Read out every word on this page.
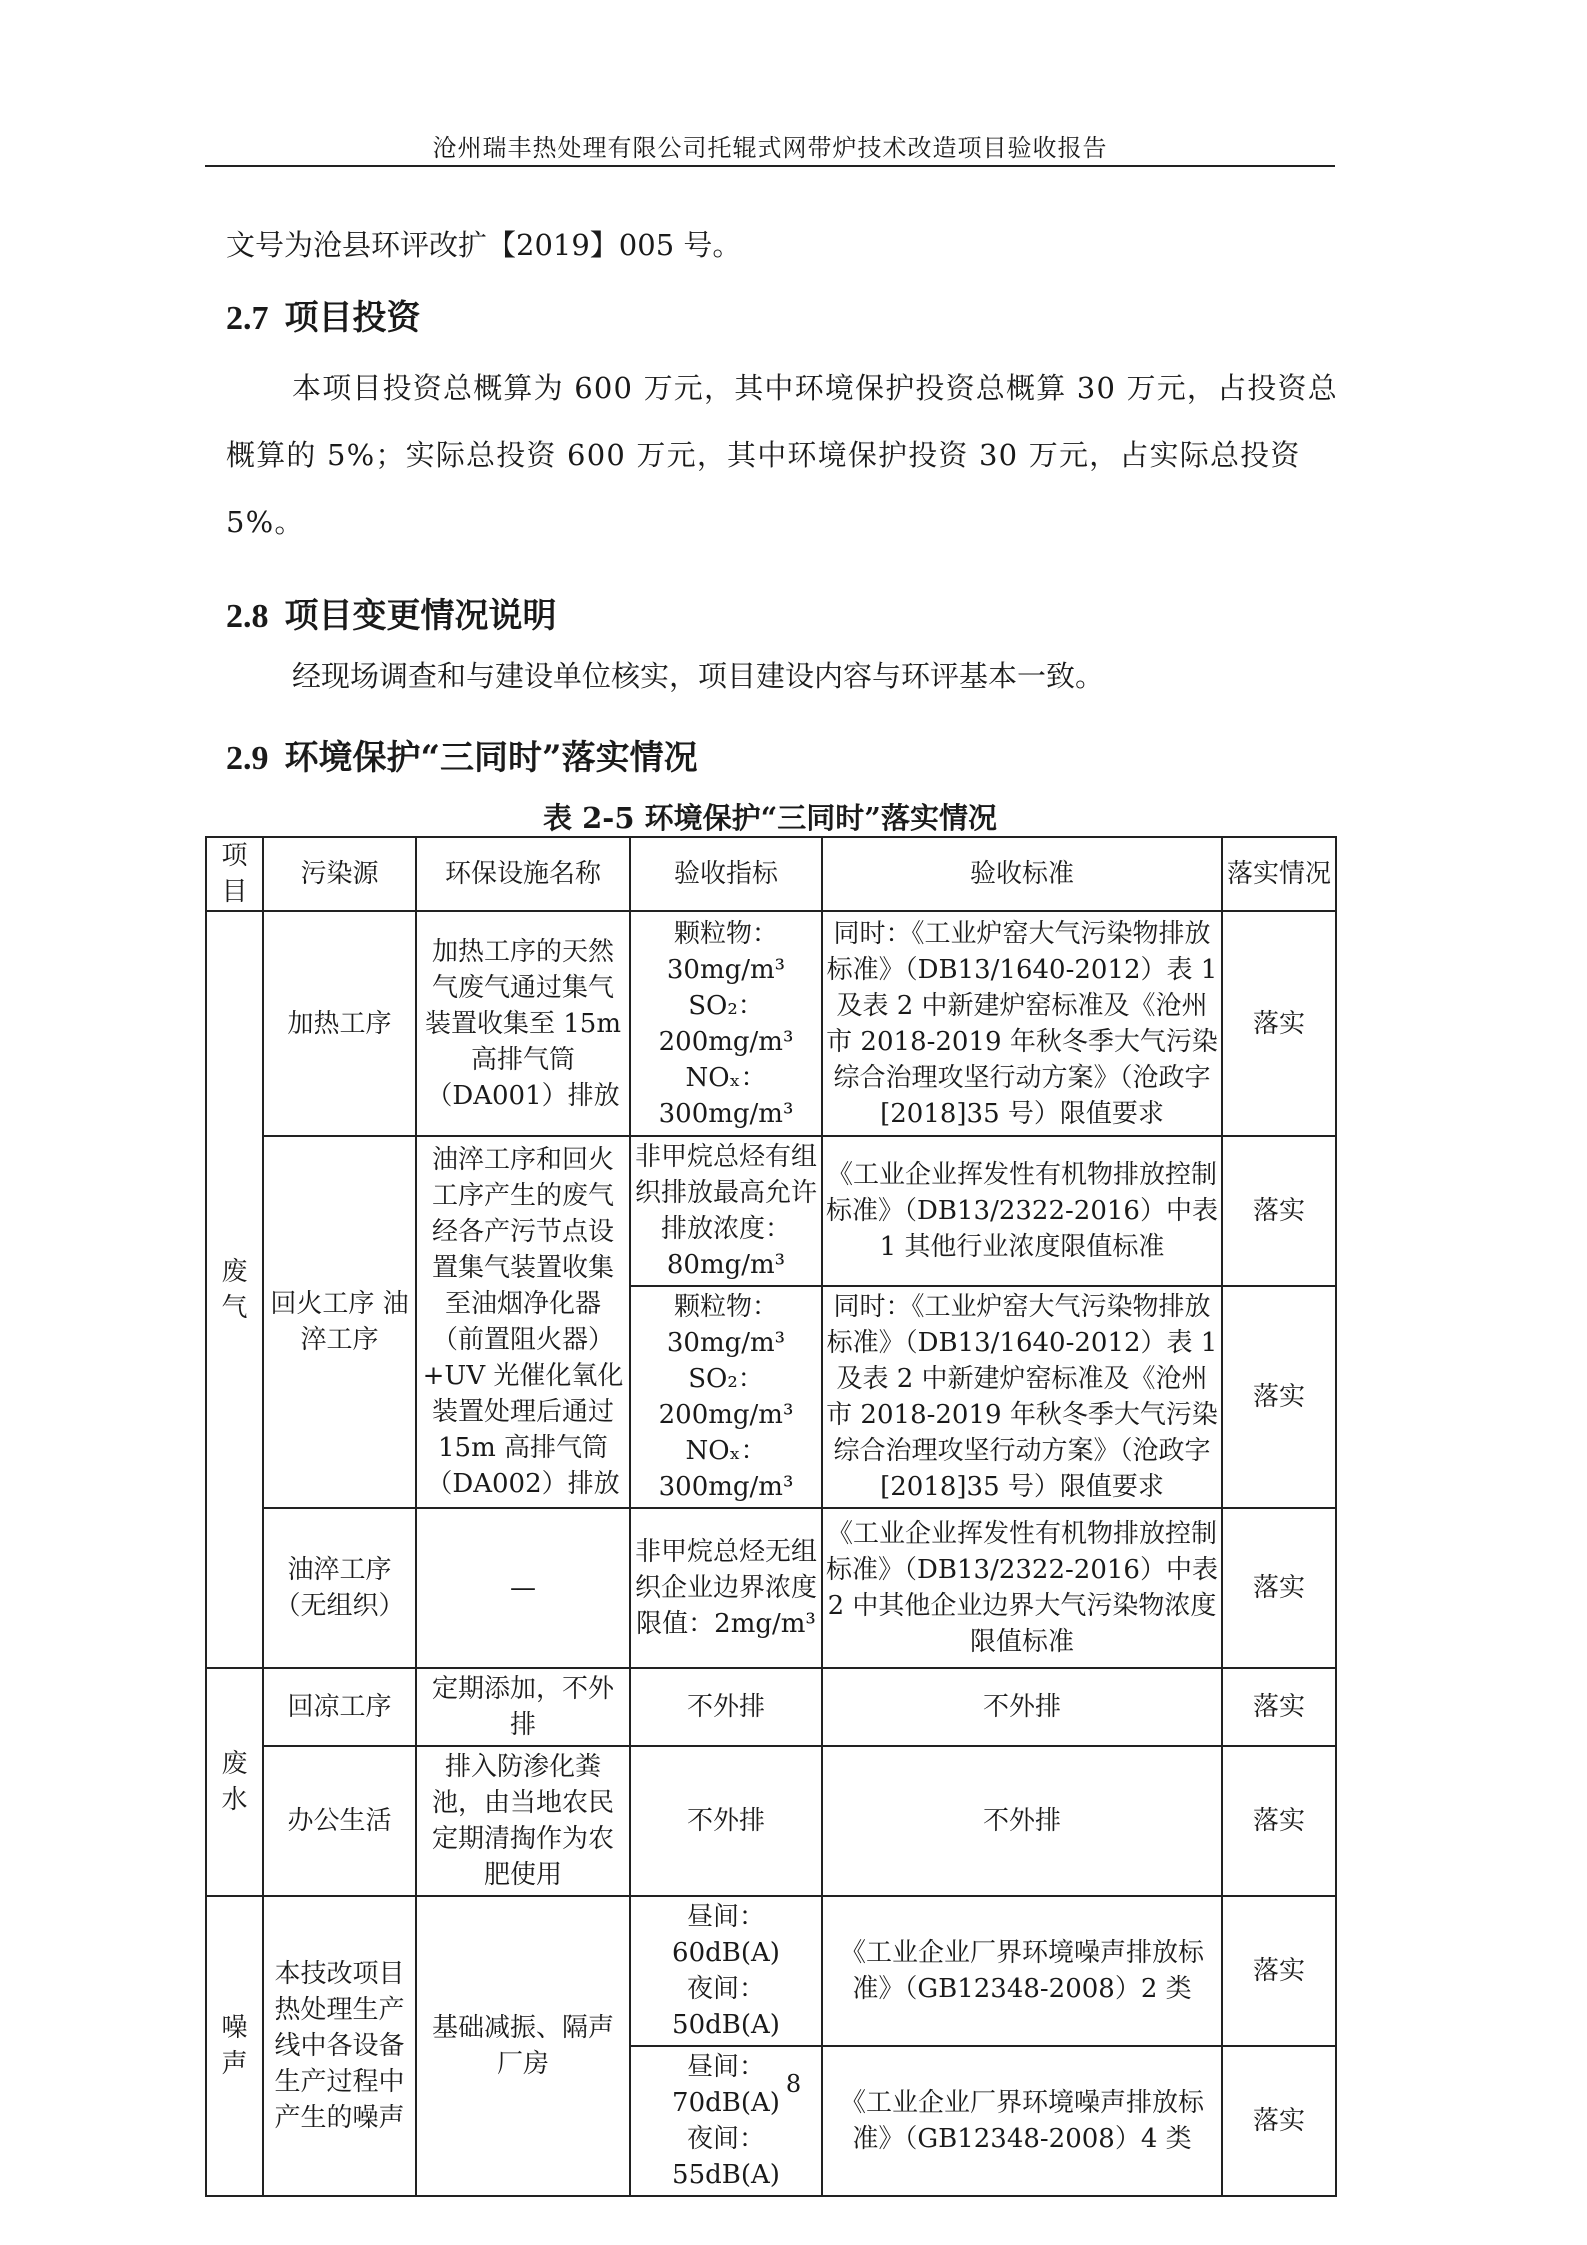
沧州瑞丰热处理有限公司托辊式网带炉技术改造项目验收报告
文号为沧县环评改扩【2019】005 号。
2.7 项目投资
本项目投资总概算为 600 万元，其中环境保护投资总概算 30 万元，占投资总概算的 5%；实际总投资 600 万元，其中环境保护投资 30 万元，占实际总投资 5%。
2.8 项目变更情况说明
经现场调查和与建设单位核实，项目建设内容与环评基本一致。
2.9 环境保护“三同时”落实情况
表 2-5 环境保护“三同时”落实情况
项目	污染源	环保设施名称	验收指标	验收标准	落实情况
废气	加热工序	加热工序的天然气废气通过集气装置收集至 15m 高排气筒（DA001）排放	颗粒物：30mg/m³
SO₂：200mg/m³
NOₓ：300mg/m³	同时：《工业炉窑大气污染物排放标准》（DB13/1640-2012）表 1 及表 2 中新建炉窑标准及《沧州市 2018-2019 年秋冬季大气污染综合治理攻坚行动方案》（沧政字[2018]35 号）限值要求	落实
	回火工序 油淬工序	油淬工序和回火工序产生的废气经各产污节点设置集气装置收集至油烟净化器（前置阻火器）+UV 光催化氧化装置处理后通过 15m 高排气筒（DA002）排放	非甲烷总烃有组织排放最高允许排放浓度：80mg/m³	《工业企业挥发性有机物排放控制标准》（DB13/2322-2016）中表 1 其他行业浓度限值标准	落实

			颗粒物：30mg/m³
SO₂：200mg/m³
NOₓ：300mg/m³	同时：《工业炉窑大气污染物排放标准》（DB13/1640-2012）表 1 及表 2 中新建炉窑标准及《沧州市 2018-2019 年秋冬季大气污染综合治理攻坚行动方案》（沧政字[2018]35 号）限值要求	落实
	油淬工序（无组织）	—	非甲烷总烃无组织企业边界浓度限值：2mg/m³	《工业企业挥发性有机物排放控制标准》（DB13/2322-2016）中表 2 中其他企业边界大气污染物浓度限值标准	落实
废水	回凉工序	定期添加，不外排	不外排	不外排	落实
	办公生活	排入防渗化粪池，由当地农民定期清掏作为农肥使用	不外排	不外排	落实
噪声	本技改项目热处理生产线中各设备生产过程中产生的噪声	基础减振、隔声厂房	昼间：60dB(A)
夜间：50dB(A)	《工业企业厂界环境噪声排放标准》（GB12348-2008）2 类	落实

			昼间：70dB(A)
夜间：55dB(A)	《工业企业厂界环境噪声排放标准》（GB12348-2008）4 类	落实
8
